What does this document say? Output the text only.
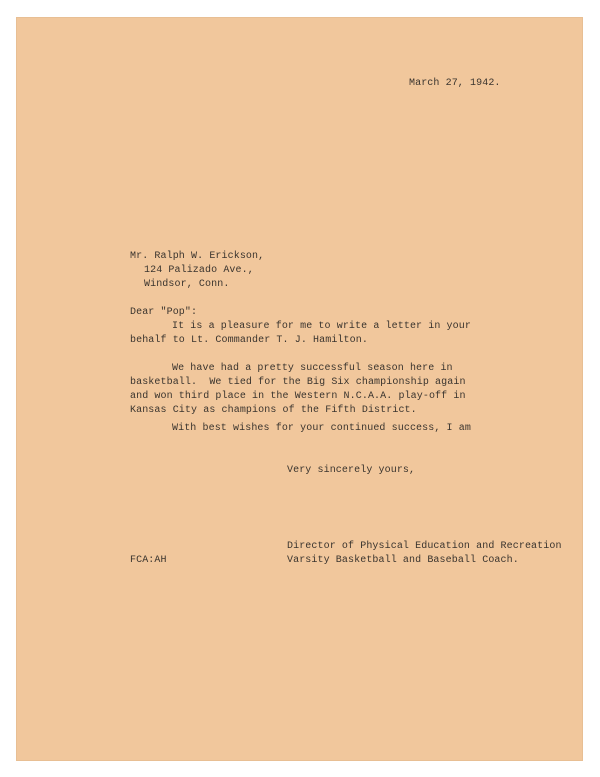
March 27, 1942.
Mr. Ralph W. Erickson,
124 Palizado Ave.,
Windsor, Conn.
Dear "Pop":
It is a pleasure for me to write a letter in your
behalf to Lt. Commander T. J. Hamilton.
We have had a pretty successful season here in
basketball.  We tied for the Big Six championship again
and won third place in the Western N.C.A.A. play-off in
Kansas City as champions of the Fifth District.
With best wishes for your continued success, I am
Very sincerely yours,
Director of Physical Education and Recreation
Varsity Basketball and Baseball Coach.
FCA:AH
